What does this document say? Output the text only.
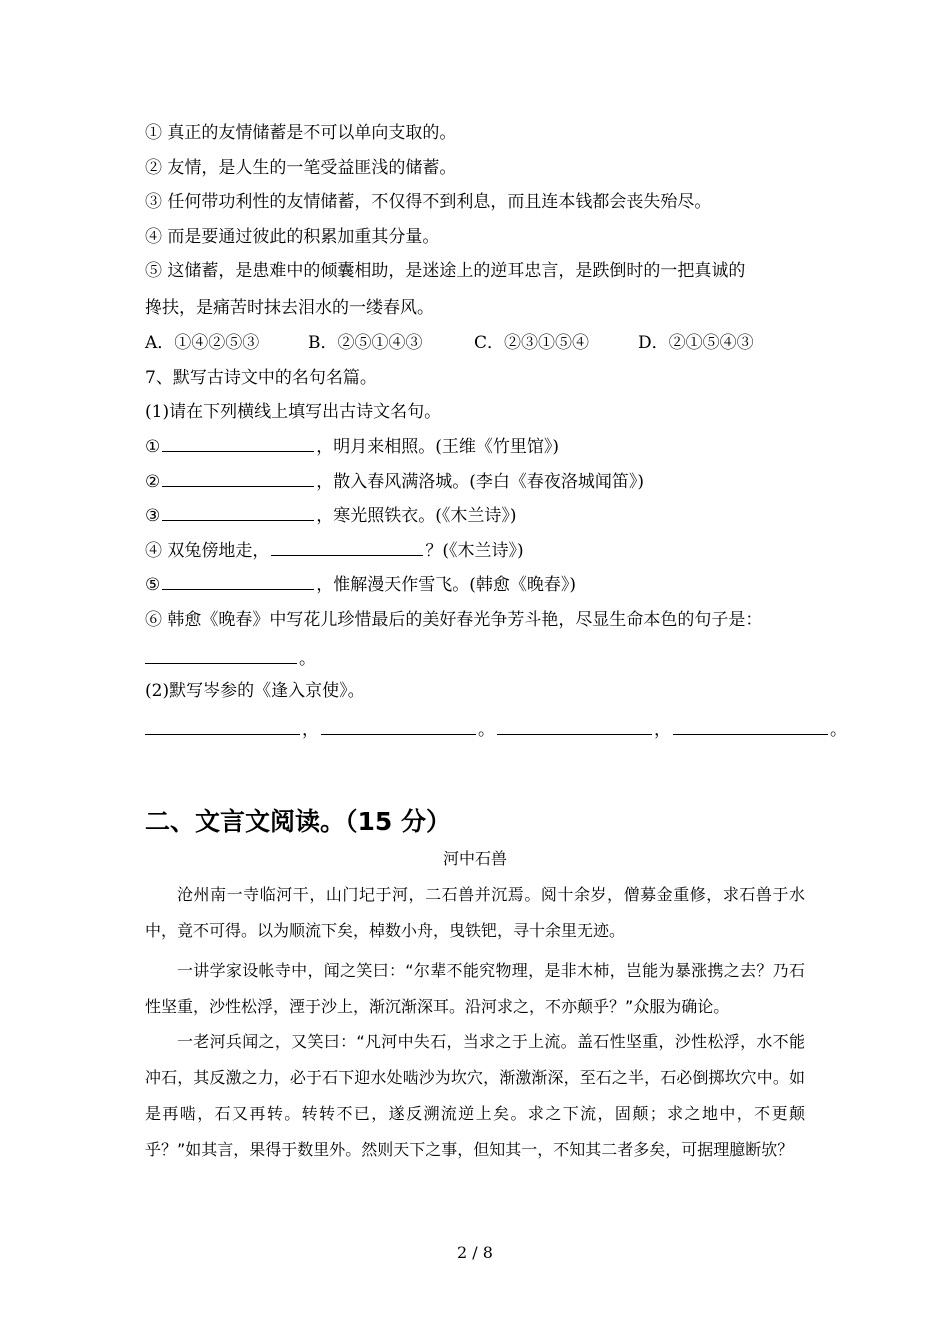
① 真正的友情储蓄是不可以单向支取的。
② 友情，是人生的一笔受益匪浅的储蓄。
③ 任何带功利性的友情储蓄，不仅得不到利息，而且连本钱都会丧失殆尽。
④ 而是要通过彼此的积累加重其分量。
⑤ 这储蓄，是患难中的倾囊相助，是迷途上的逆耳忠言，是跌倒时的一把真诚的
搀扶，是痛苦时抹去泪水的一缕春风。
A．①④②⑤③	B．②⑤①④③	C．②③①⑤④	D．②①⑤④③
7、默写古诗文中的名句名篇。
(1)请在下列横线上填写出古诗文名句。
①	，明月来相照。(王维《竹里馆》)
②	，散入春风满洛城。(李白《春夜洛城闻笛》)
③	，寒光照铁衣。(《木兰诗》)
④ 双兔傍地走，	？(《木兰诗》)
⑤	，惟解漫天作雪飞。(韩愈《晚春》)
⑥ 韩愈《晚春》中写花儿珍惜最后的美好春光争芳斗艳，尽显生命本色的句子是：
。
(2)默写岑参的《逢入京使》。
，	。	，	。
二、文言文阅读。（15 分）
河中石兽
沧州南一寺临河干，山门圮于河，二石兽并沉焉。阅十余岁，僧募金重修，求石兽于水中，竟不可得。以为顺流下矣，棹数小舟，曳铁钯，寻十余里无迹。
一讲学家设帐寺中，闻之笑曰：“尔辈不能究物理，是非木杮，岂能为暴涨携之去？乃石性坚重，沙性松浮，湮于沙上，渐沉渐深耳。沿河求之，不亦颠乎？”众服为确论。
一老河兵闻之，又笑曰：“凡河中失石，当求之于上流。盖石性坚重，沙性松浮，水不能冲石，其反激之力，必于石下迎水处啮沙为坎穴，渐激渐深，至石之半，石必倒掷坎穴中。如是再啮，石又再转。转转不已，遂反溯流逆上矣。求之下流，固颠；求之地中，不更颠乎？”如其言，果得于数里外。然则天下之事，但知其一，不知其二者多矣，可据理臆断欤？
2 / 8
